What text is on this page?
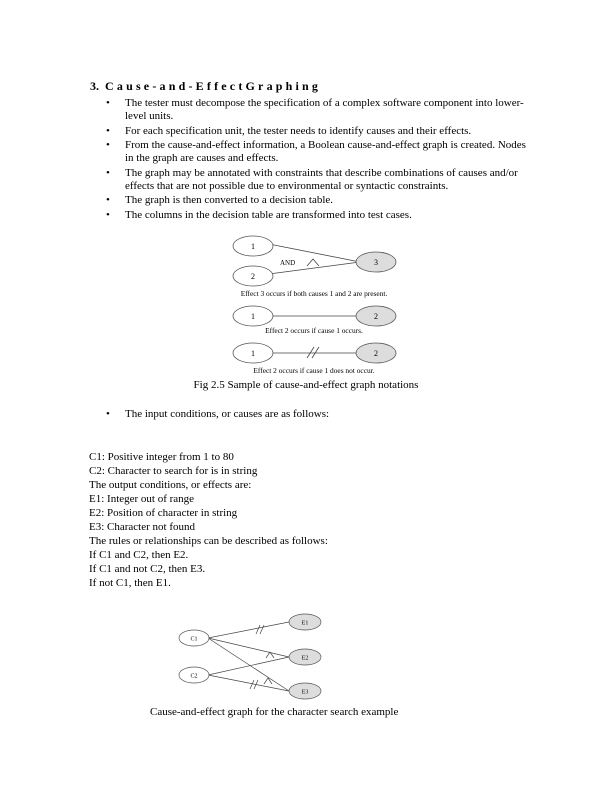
3. Cause-and-EffectGraphing
• The tester must decompose the specification of a complex software component into lower-level units.
• For each specification unit, the tester needs to identify causes and their effects.
• From the cause-and-effect information, a Boolean cause-and-effect graph is created. Nodes in the graph are causes and effects.
• The graph may be annotated with constraints that describe combinations of causes and/or effects that are not possible due to environmental or syntactic constraints.
• The graph is then converted to a decision table.
• The columns in the decision table are transformed into test cases.
1
2
AND	3
Effect 3 occurs if both causes 1 and 2 are present.
1	2
Effect 2 occurs if cause 1 occurs.
1	2
Effect 2 occurs if cause 1 does not occur.
Fig 2.5 Sample of cause-and-effect graph notations
• The input conditions, or causes are as follows:
C1: Positive integer from 1 to 80
C2: Character to search for is in string
The output conditions, or effects are:
E1: Integer out of range
E2: Position of character in string
E3: Character not found
The rules or relationships can be described as follows:
If C1 and C2, then E2.
If C1 and not C2, then E3.
If not C1, then E1.
C1
C2
E1
E2
E3
Cause-and-effect graph for the character search example
